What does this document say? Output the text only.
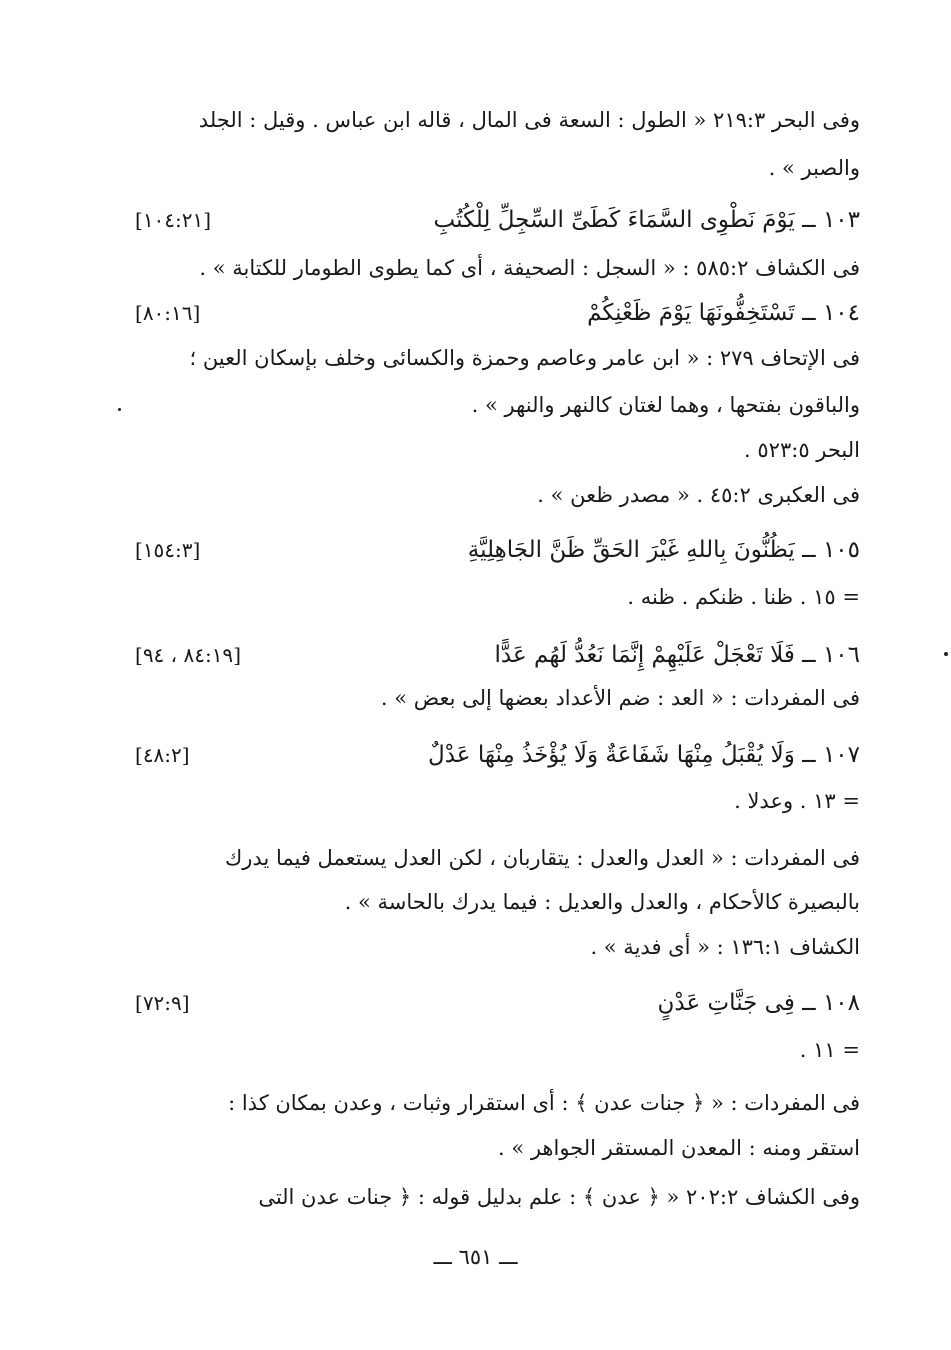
وفى البحر ٢١٩:٣ « الطول : السعة فى المال ، قاله ابن عباس . وقيل : الجلد
والصبر » .
١٠٣ ــ يَوْمَ نَطْوِى السَّمَاءَ كَطَىِّ السِّجِلِّ لِلْكُتُبِ
[١٠٤:٢١]
فى الكشاف ٥٨٥:٢ : « السجل : الصحيفة ، أى كما يطوى الطومار للكتابة » .
١٠٤ ــ تَسْتَخِفُّونَهَا يَوْمَ ظَعْنِكُمْ
[٨٠:١٦]
فى الإتحاف ٢٧٩ : « ابن عامر وعاصم وحمزة والكسائى وخلف بإسكان العين ؛
والباقون بفتحها ، وهما لغتان كالنهر والنهر » .
البحر ٥٢٣:٥ .
فى العكبرى ٤٥:٢ . « مصدر ظعن » .
١٠٥ ــ يَظُنُّونَ بِاللهِ غَيْرَ الحَقِّ ظَنَّ الجَاهِلِيَّةِ
[١٥٤:٣]
= ١٥ . ظنا . ظنكم . ظنه .
١٠٦ ــ فَلَا تَعْجَلْ عَلَيْهِمْ إِنَّمَا نَعُدُّ لَهُم عَدًّا
[٨٤:١٩ ، ٩٤]
فى المفردات : « العد : ضم الأعداد بعضها إلى بعض » .
١٠٧ ــ وَلَا يُقْبَلُ مِنْهَا شَفَاعَةٌ وَلَا يُؤْخَذُ مِنْهَا عَدْلٌ
[٤٨:٢]
= ١٣ . وعدلا .
فى المفردات : « العدل والعدل : يتقاربان ، لكن العدل يستعمل فيما يدرك
بالبصيرة كالأحكام ، والعدل والعديل : فيما يدرك بالحاسة » .
الكشاف ١٣٦:١ : « أى فدية » .
١٠٨ ــ فِى جَنَّاتِ عَدْنٍ
[٧٢:٩]
= ١١ .
فى المفردات : « ﴿ جنات عدن ﴾ : أى استقرار وثبات ، وعدن بمكان كذا :
استقر ومنه : المعدن المستقر الجواهر » .
وفى الكشاف ٢٠٢:٢ « ﴿ عدن ﴾ : علم بدليل قوله : ﴿ جنات عدن التى
ـــ ٦٥١ ـــ
